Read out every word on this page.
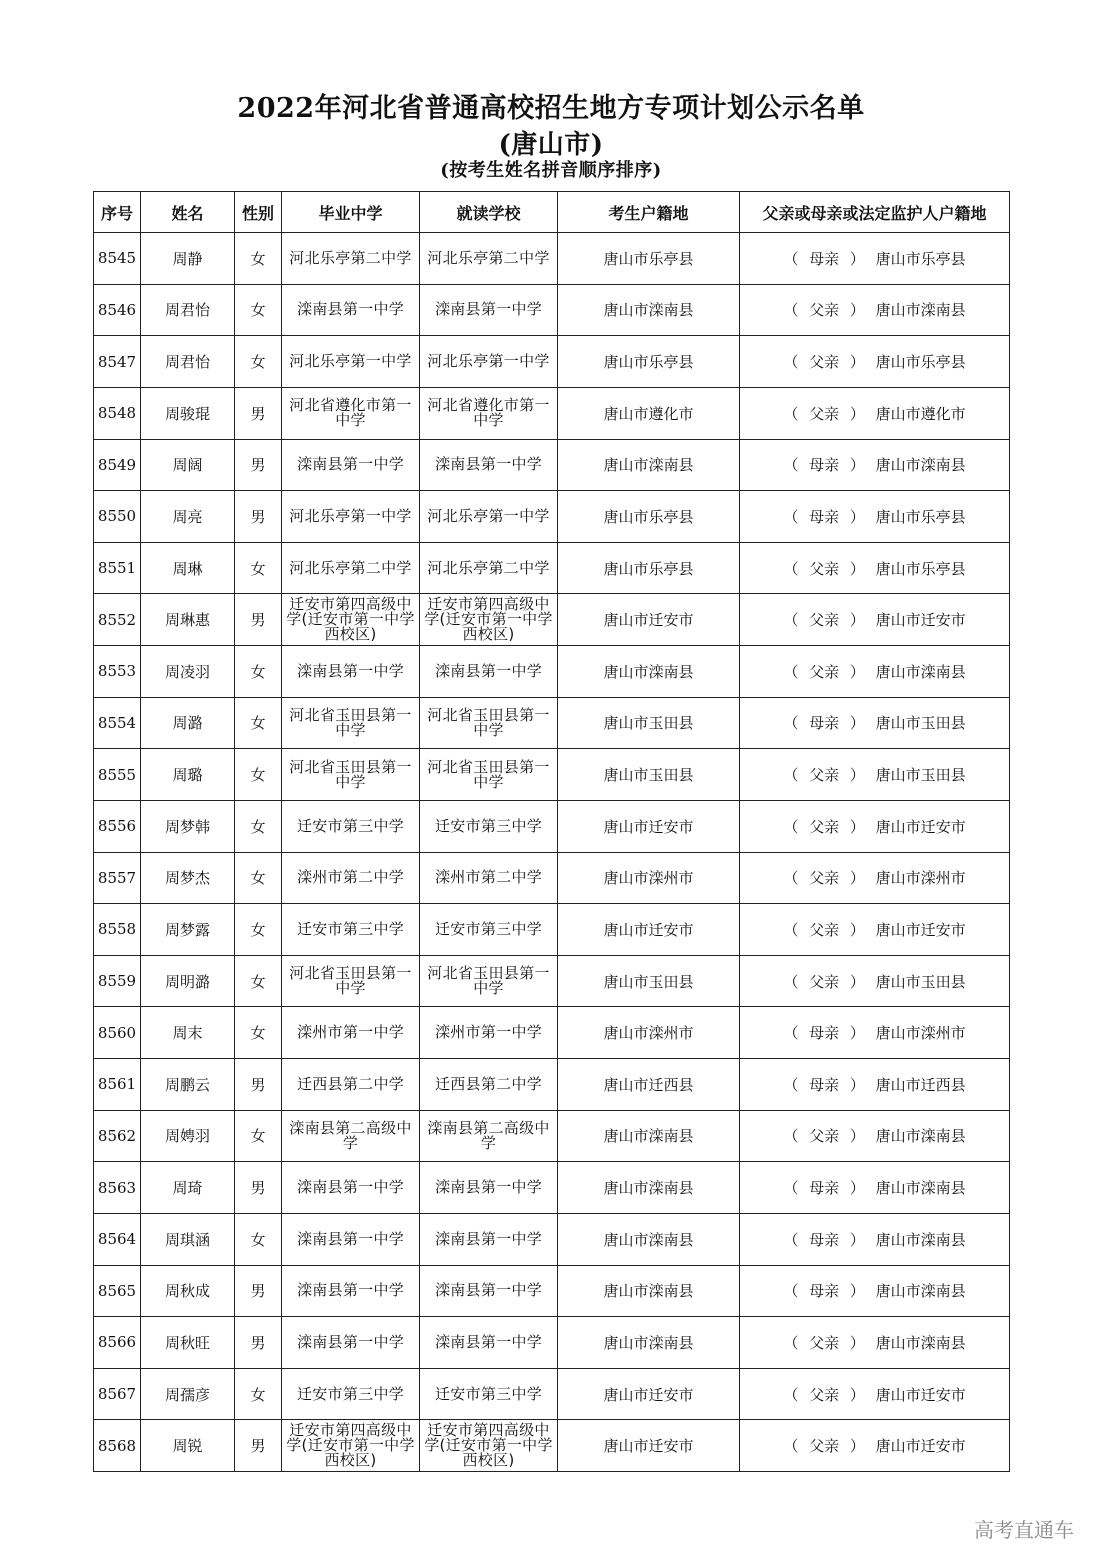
2022年河北省普通高校招生地方专项计划公示名单
(唐山市)
(按考生姓名拼音顺序排序)
序号	姓名	性别	毕业中学	就读学校	考生户籍地	父亲或母亲或法定监护人户籍地
8545	周静	女	河北乐亭第二中学	河北乐亭第二中学	唐山市乐亭县	（ 母亲 ） 唐山市乐亭县
8546	周君怡	女	滦南县第一中学	滦南县第一中学	唐山市滦南县	（ 父亲 ） 唐山市滦南县
8547	周君怡	女	河北乐亭第一中学	河北乐亭第一中学	唐山市乐亭县	（ 父亲 ） 唐山市乐亭县
8548	周骏琨	男	河北省遵化市第一中学	河北省遵化市第一中学	唐山市遵化市	（ 父亲 ） 唐山市遵化市
8549	周阔	男	滦南县第一中学	滦南县第一中学	唐山市滦南县	（ 母亲 ） 唐山市滦南县
8550	周亮	男	河北乐亭第一中学	河北乐亭第一中学	唐山市乐亭县	（ 母亲 ） 唐山市乐亭县
8551	周琳	女	河北乐亭第二中学	河北乐亭第二中学	唐山市乐亭县	（ 父亲 ） 唐山市乐亭县
8552	周琳惠	男	迁安市第四高级中学(迁安市第一中学西校区)	迁安市第四高级中学(迁安市第一中学西校区)	唐山市迁安市	（ 父亲 ） 唐山市迁安市
8553	周凌羽	女	滦南县第一中学	滦南县第一中学	唐山市滦南县	（ 父亲 ） 唐山市滦南县
8554	周潞	女	河北省玉田县第一中学	河北省玉田县第一中学	唐山市玉田县	（ 母亲 ） 唐山市玉田县
8555	周璐	女	河北省玉田县第一中学	河北省玉田县第一中学	唐山市玉田县	（ 父亲 ） 唐山市玉田县
8556	周梦韩	女	迁安市第三中学	迁安市第三中学	唐山市迁安市	（ 父亲 ） 唐山市迁安市
8557	周梦杰	女	滦州市第二中学	滦州市第二中学	唐山市滦州市	（ 父亲 ） 唐山市滦州市
8558	周梦露	女	迁安市第三中学	迁安市第三中学	唐山市迁安市	（ 父亲 ） 唐山市迁安市
8559	周明潞	女	河北省玉田县第一中学	河北省玉田县第一中学	唐山市玉田县	（ 父亲 ） 唐山市玉田县
8560	周末	女	滦州市第一中学	滦州市第一中学	唐山市滦州市	（ 母亲 ） 唐山市滦州市
8561	周鹏云	男	迁西县第二中学	迁西县第二中学	唐山市迁西县	（ 母亲 ） 唐山市迁西县
8562	周娉羽	女	滦南县第二高级中学	滦南县第二高级中学	唐山市滦南县	（ 父亲 ） 唐山市滦南县
8563	周琦	男	滦南县第一中学	滦南县第一中学	唐山市滦南县	（ 母亲 ） 唐山市滦南县
8564	周琪涵	女	滦南县第一中学	滦南县第一中学	唐山市滦南县	（ 母亲 ） 唐山市滦南县
8565	周秋成	男	滦南县第一中学	滦南县第一中学	唐山市滦南县	（ 母亲 ） 唐山市滦南县
8566	周秋旺	男	滦南县第一中学	滦南县第一中学	唐山市滦南县	（ 父亲 ） 唐山市滦南县
8567	周孺彦	女	迁安市第三中学	迁安市第三中学	唐山市迁安市	（ 父亲 ） 唐山市迁安市
8568	周锐	男	迁安市第四高级中学(迁安市第一中学西校区)	迁安市第四高级中学(迁安市第一中学西校区)	唐山市迁安市	（ 父亲 ） 唐山市迁安市
高考直通车
